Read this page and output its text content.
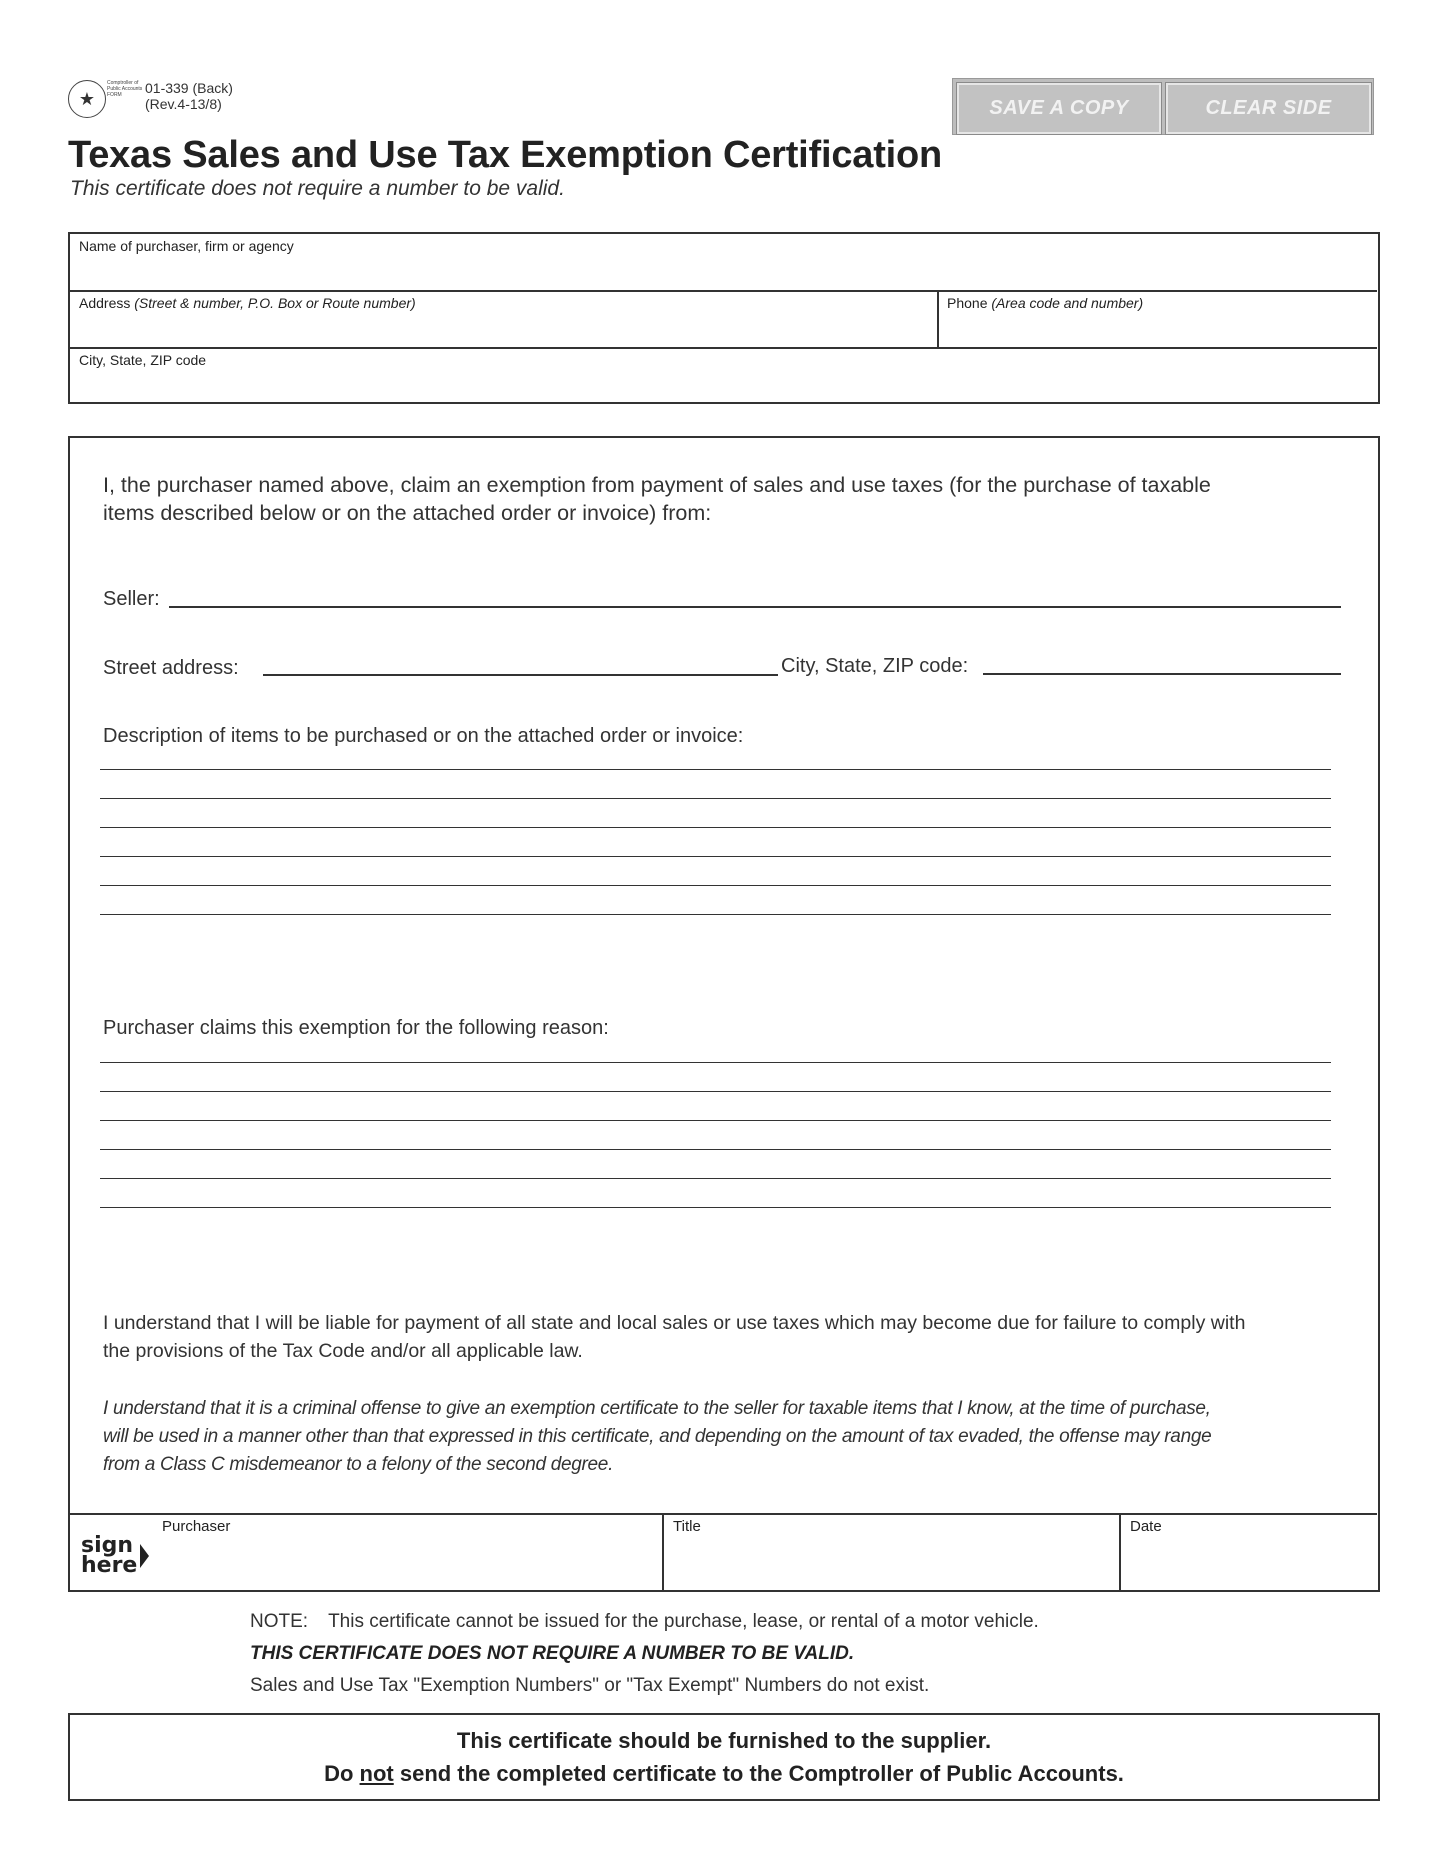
★
Comptroller of Public Accounts FORM	01-339 (Back)
(Rev.4-13/8)	SAVE A COPY	CLEAR SIDE
Texas Sales and Use Tax Exemption Certification
This certificate does not require a number to be valid.
Name of purchaser, firm or agency
Address (Street & number, P.O. Box or Route number)	Phone (Area code and number)
City, State, ZIP code
I, the purchaser named above, claim an exemption from payment of sales and use taxes (for the purchase of taxable
items described below or on the attached order or invoice) from:
Seller:
Street address:	City, State, ZIP code:
Description of items to be purchased or on the attached order or invoice:
Purchaser claims this exemption for the following reason:
I understand that I will be liable for payment of all state and local sales or use taxes which may become due for failure to comply with
the provisions of the Tax Code and/or all applicable law.
I understand that it is a criminal offense to give an exemption certificate to the seller for taxable items that I know, at the time of purchase,
will be used in a manner other than that expressed in this certificate, and depending on the amount of tax evaded, the offense may range
from a Class C misdemeanor to a felony of the second degree.
sign
here
Purchaser	Title	Date
NOTE: This certificate cannot be issued for the purchase, lease, or rental of a motor vehicle.
THIS CERTIFICATE DOES NOT REQUIRE A NUMBER TO BE VALID.
Sales and Use Tax "Exemption Numbers" or "Tax Exempt" Numbers do not exist.
This certificate should be furnished to the supplier.
Do not send the completed certificate to the Comptroller of Public Accounts.
